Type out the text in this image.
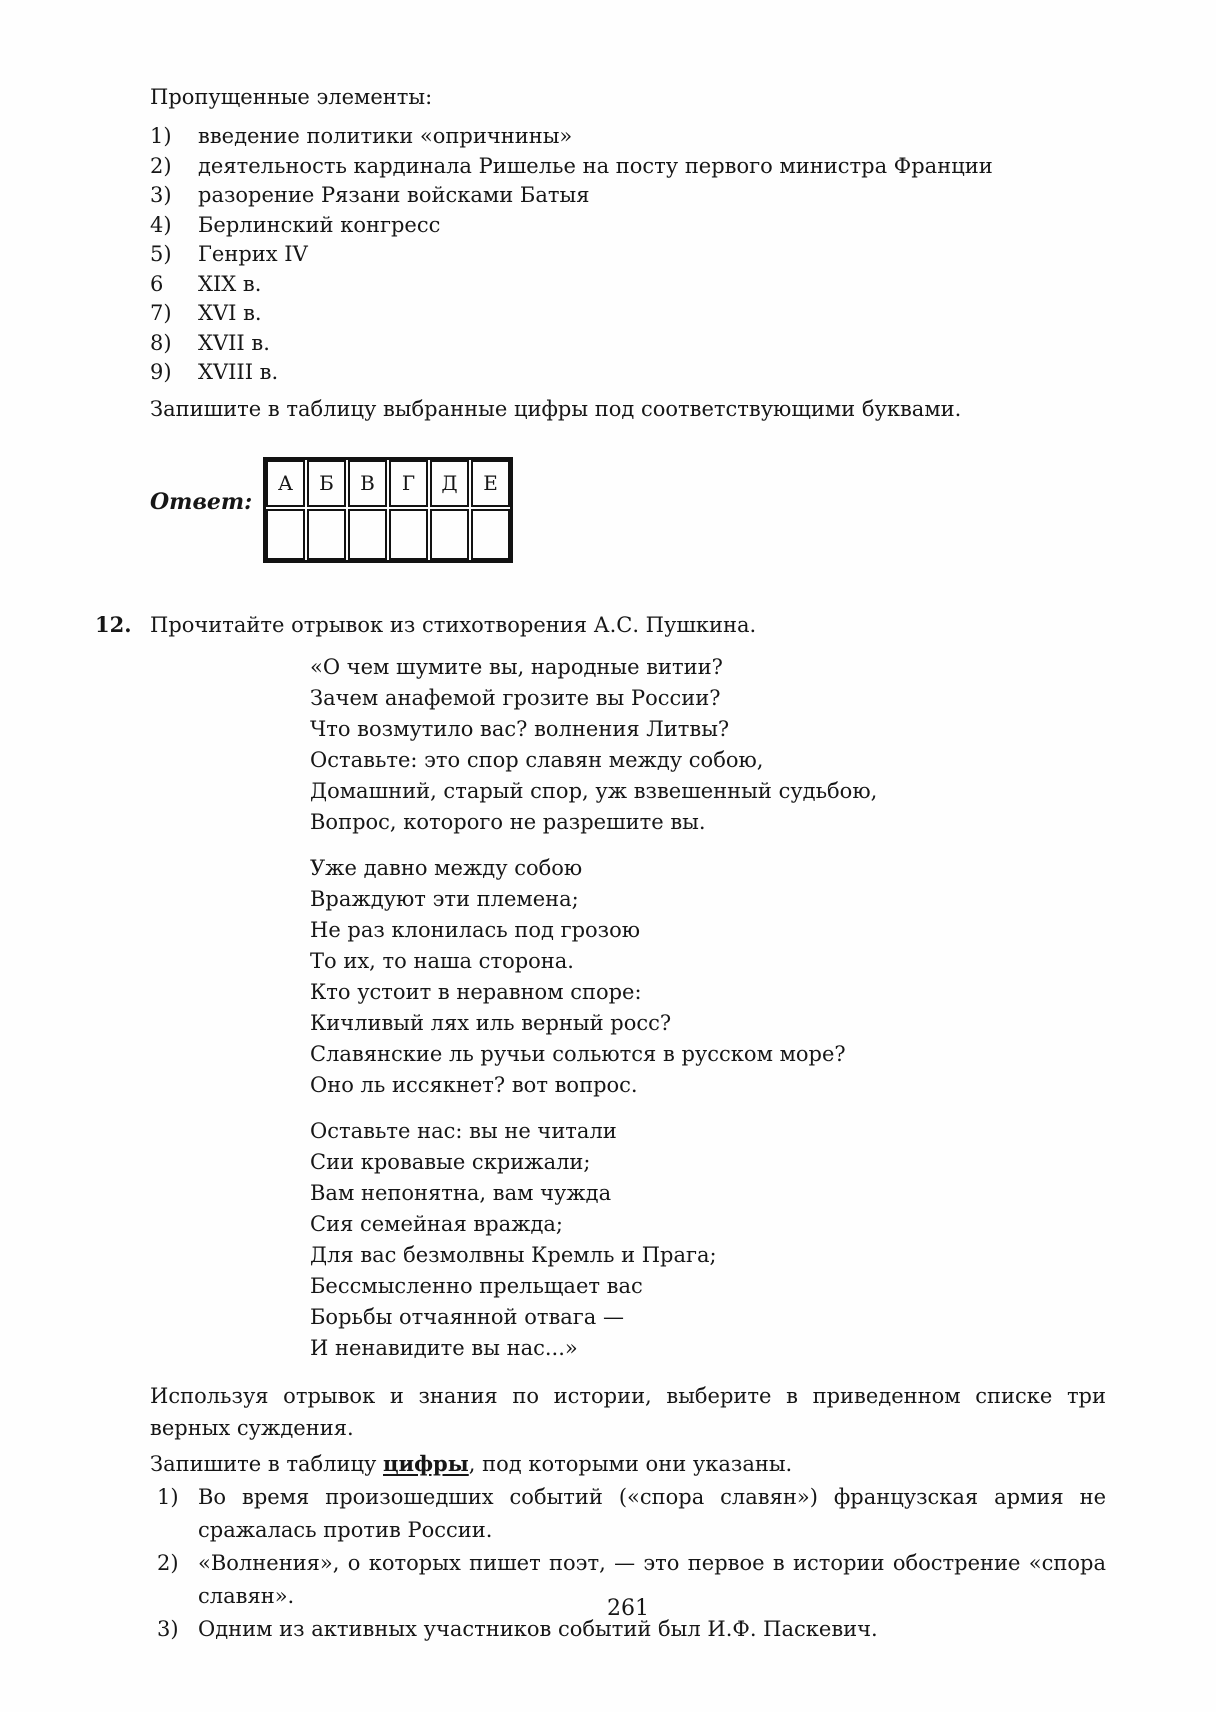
Пропущенные элементы:

1)	введение политики «опричнины»
2)	деятельность кардинала Ришелье на посту первого министра Франции
3)	разорение Рязани войсками Батыя
4)	Берлинский конгресс
5)	Генрих IV
6	XIX в.
7)	XVI в.
8)	XVII в.
9)	XVIII в.

Запишите в таблицу выбранные цифры под соответствующими буквами.

Ответ:
А	Б	В	Г	Д	Е
12. Прочитайте отрывок из стихотворения А.С. Пушкина.
«О чем шумите вы, народные витии?
Зачем анафемой грозите вы России?
Что возмутило вас? волнения Литвы?
Оставьте: это спор славян между собою,
Домашний, старый спор, уж взвешенный судьбою,
Вопрос, которого не разрешите вы.
Уже давно между собою
Враждуют эти племена;
Не раз клонилась под грозою
То их, то наша сторона.
Кто устоит в неравном споре:
Кичливый лях иль верный росс?
Славянские ль ручьи сольются в русском море?
Оно ль иссякнет? вот вопрос.
Оставьте нас: вы не читали
Сии кровавые скрижали;
Вам непонятна, вам чужда
Сия семейная вражда;
Для вас безмолвны Кремль и Прага;
Бессмысленно прельщает вас
Борьбы отчаянной отвага —
И ненавидите вы нас...»

Используя отрывок и знания по истории, выберите в приведенном списке три верных суждения.

Запишите в таблицу цифры, под которыми они указаны.

1) Во время произошедших событий («спора славян») французская армия не сражалась против России.
2) «Волнения», о которых пишет поэт, — это первое в истории обострение «спора славян».
3) Одним из активных участников событий был И.Ф. Паскевич.
261
